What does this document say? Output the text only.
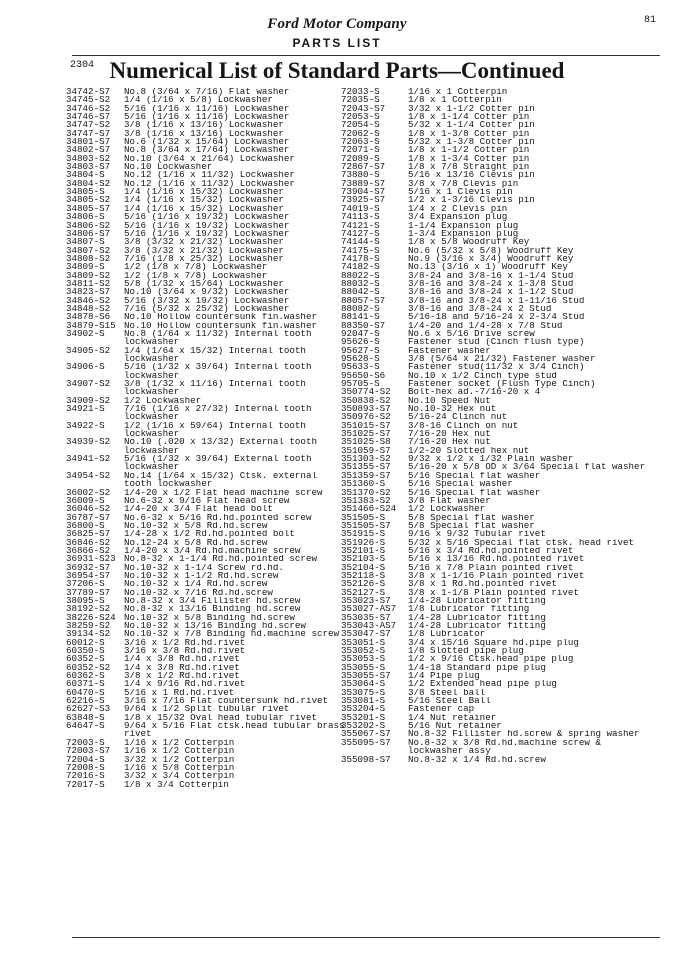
Ford Motor Company	81
PARTS LIST
2304 Numerical List of Standard Parts—Continued
34742-S7	No.8 (3/64 x 7/16) Flat washer
34745-S2	1/4 (1/16 x 5/8) Lockwasher
34746-S2	5/16 (1/16 x 11/16) Lockwasher
34746-S7	5/16 (1/16 x 11/16) Lockwasher
34747-S2	3/8 (1/16 x 13/16) Lockwasher
34747-S7	3/8 (1/16 x 13/16) Lockwasher
34801-S7	No.6 (1/32 x 15/64) Lockwasher
34802-S7	No.8 (3/64 x 17/64) Lockwasher
34803-S2	No.10 (3/64 x 21/64) Lockwasher
34803-S7	No.10 Lockwasher
34804-S	No.12 (1/16 x 11/32) Lockwasher
34804-S2	No.12 (1/16 x 11/32) Lockwasher
34805-S	1/4 (1/16 x 15/32) Lockwasher
34805-S2	1/4 (1/16 x 15/32) Lockwasher
34805-S7	1/4 (1/16 x 15/32) Lockwasher
34806-S	5/16 (1/16 x 19/32) Lockwasher
34806-S2	5/16 (1/16 x 19/32) Lockwasher
34806-S7	5/16 (1/16 x 19/32) Lockwasher
34807-S	3/8 (3/32 x 21/32) Lockwasher
34807-S2	3/8 (3/32 x 21/32) Lockwasher
34808-S2	7/16 (1/8 x 25/32) Lockwasher
34809-S	1/2 (1/8 x 7/8) Lockwasher
34809-S2	1/2 (1/8 x 7/8) Lockwasher
34811-S2	5/8 (1/32 x 15/64) Lockwasher
34823-S7	No.10 (3/64 x 9/32) Lockwasher
34846-S2	5/16 (3/32 x 19/32) Lockwasher
34848-S2	7/16 (5/32 x 25/32) Lockwasher
34878-S6	No.10 Hollow countersunk fin.washer
34879-S15 No.10 Hollow countersunk fin.washer
34902-S	No.8 (1/64 x 11/32) Internal tooth lockwasher
34905-S2	1/4 (1/64 x 15/32) Internal tooth lockwasher
34906-S	5/16 (1/32 x 39/64) Internal tooth lockwasher
34907-S2	3/8 (1/32 x 11/16) Internal tooth lockwasher
34909-S2	1/2 Lockwasher
34921-S	7/16 (1/16 x 27/32) Internal tooth lockwasher
34922-S	1/2 (1/16 x 59/64) Internal tooth lockwasher
34939-S2	No.10 (.020 x 13/32) External tooth lockwasher
34941-S2	5/16 (1/32 x 39/64) External tooth lockwasher
34954-S2	No.14 (1/64 x 15/32) Ctsk. external tooth lockwasher
36002-S2	1/4-20 x 1/2 Flat head machine screw
36009-S	No.6-32 x 9/16 Flat head screw
36046-S2	1/4-20 x 3/4 Flat head bolt
36787-S7	No.6-32 x 5/16 Rd.hd.pointed screw
36800-S	No.10-32 x 5/8 Rd.hd.screw
36825-S7	1/4-28 x 1/2 Rd.hd.pointed bolt
36846-S2	No.12-24 x 5/8 Rd.hd.screw
36866-S2	1/4-20 x 3/4 Rd.hd.machine screw
36931-S23 No.8-32 x 1-1/4 Rd.hd.pointed screw
36932-S7	No.10-32 x 1-1/4 Screw rd.hd.
36954-S7	No.10-32 x 1-1/2 Rd.hd.screw
37206-S	No.10-32 x 1/4 Rd.hd.screw
37789-S7	No.10-32 x 7/16 Rd.hd.screw
38095-S	No.8-32 x 3/4 Fillister hd.screw
38192-S2	No.8-32 x 13/16 Binding hd.screw
38226-S24 No.10-32 x 5/8 Binding hd.screw
38259-S2	No.10-32 x 13/16 Binding hd.screw
39134-S2	No.10-32 x 7/8 Binding hd.machine screw
60012-S	3/16 x 1/2 Rd.hd.rivet
60350-S	3/16 x 3/8 Rd.hd.rivet
60352-S	1/4 x 3/8 Rd.hd.rivet
60352-S2	1/4 x 3/8 Rd.hd.rivet
60362-S	3/8 x 1/2 Rd.hd.rivet
60371-S	1/4 x 9/16 Rd.hd.rivet
60470-S	5/16 x 1 Rd.hd.rivet
62216-S	3/16 x 7/16 Flat countersunk hd.rivet
62627-S3	9/64 x 1/2 Split tubular rivet
63848-S	1/8 x 15/32 Oval head tubular rivet
64647-S	9/64 x 5/16 Flat ctsk.head tubular brass rivet
72003-S	1/16 x 1/2 Cotterpin
72003-S7	1/16 x 1/2 Cotterpin
72004-S	3/32 x 1/2 Cotterpin
72008-S	1/16 x 5/8 Cotterpin
72016-S	3/32 x 3/4 Cotterpin
72017-S	1/8 x 3/4 Cotterpin
72033-S	1/16 x 1 Cotterpin
72035-S	1/8 x 1 Cotterpin
72043-S7	3/32 x 1-1/2 Cotter pin
72053-S	1/8 x 1-1/4 Cotter pin
72054-S	5/32 x 1-1/4 Cotter pin
72062-S	1/8 x 1-3/8 Cotter pin
72063-S	5/32 x 1-3/8 Cotter pin
72071-S	1/8 x 1-1/2 Cotter pin
72089-S	1/8 x 1-3/4 Cotter pin
72867-S7	1/8 x 7/8 Straight pin
73880-S	5/16 x 13/16 Clevis pin
73889-S7	3/8 x 7/8 Clevis pin
73904-S7	5/16 x 1 Clevis pin
73925-S7	1/2 x 1-3/16 Clevis pin
74019-S	1/4 x 2 Clevis pin
74113-S	3/4 Expansion plug
74121-S	1-1/4 Expansion plug
74127-S	1-3/4 Expansion plug
74144-S	1/8 x 5/8 Woodruff Key
74175-S	No.6 (5/32 x 5/8) Woodruff Key
74178-S	No.9 (3/16 x 3/4) Woodruff Key
74182-S	No.13 (3/16 x 1) Woodruff Key
88022-S	3/8-24 and 3/8-16 x 1-1/4 Stud
88032-S	3/8-16 and 3/8-24 x 1-3/8 Stud
88042-S	3/8-16 and 3/8-24 x 1-1/2 Stud
88057-S7	3/8-16 and 3/8-24 x 1-11/16 Stud
88082-S	3/8-16 and 3/8-24 x 2 Stud
88141-S	5/16-18 and 5/16-24 x 2-3/4 Stud
88350-S7	1/4-20 and 1/4-28 x 7/8 Stud
92047-S	No.6 x 5/16 Drive screw
95626-S	Fastener stud (Cinch flush type)
95627-S	Fastener washer
95628-S	3/8 (5/64 x 21/32) Fastener washer
95633-S	Fastener stud(11/32 x 3/4 Cinch)
95650-S6	No.10 x 1/2 Cinch type stud
95705-S	Fastener socket (Flush Type Cinch)
350774-S2	Bolt-hex ad.-7/16-20 x 4
350838-S2	No.10 Speed Nut
350893-S7	No.10-32 Hex nut
350976-S2	5/16-24 Clinch nut
351015-S7	3/8-16 Clinch on nut
351025-S7	7/16-20 Hex nut
351025-S8	7/16-20 Hex nut
351059-S7	1/2-20 Slotted hex nut
351303-S2	9/32 x 1/2 x 1/32 Plain washer
351355-S7	5/16-20 x 5/8 OD x 3/64 Special flat washer
351359-S7	5/16 Special flat washer
351360-S	5/16 Special washer
351370-S2	5/16 Special flat washer
351383-S2	3/8 Flat washer
351466-S24	1/2 Lockwasher
351505-S	5/8 Special flat washer
351505-S7	5/8 Special flat washer
351915-S	9/16 x 9/32 Tubular rivet
351926-S	5/32 x 5/16 Special flat ctsk. head rivet
352101-S	5/16 x 3/4 Rd.hd.pointed rivet
352103-S	5/16 x 13/16 Rd.hd.pointed rivet
352104-S	5/16 x 7/8 Plain pointed rivet
352118-S	3/8 x 1-1/16 Plain pointed rivet
352126-S	3/8 x 1 Rd.hd.pointed rivet
352127-S	3/8 x 1-1/8 Plain pointed rivet
353023-S7	1/4-28 Lubricator fitting
353027-AS7	1/8 Lubricator fitting
353035-S7	1/4-28 Lubricator fitting
353043-AS7	1/4-28 Lubricator fitting
353047-S7	1/8 Lubricator
353051-S	3/4 x 15/16 Square hd.pipe plug
353052-S	1/8 Slotted pipe plug
353053-S	1/2 x 9/16 Ctsk.head pipe plug
353055-S	1/4-18 Standard pipe plug
353055-S7	1/4 Pipe plug
353064-S	1/2 Extended head pipe plug
353075-S	3/8 Steel ball
353081-S	5/16 Steel Ball
353204-S	Fastener cap
353201-S	1/4 Nut retainer
353202-S	5/16 Nut retainer
355067-S7	No.8-32 Fillister hd.screw & spring washer
355095-S7	No.8-32 x 3/8 Rd.hd.machine screw & lockwasher assy
355098-S7	No.8-32 x 1/4 Rd.hd.screw
